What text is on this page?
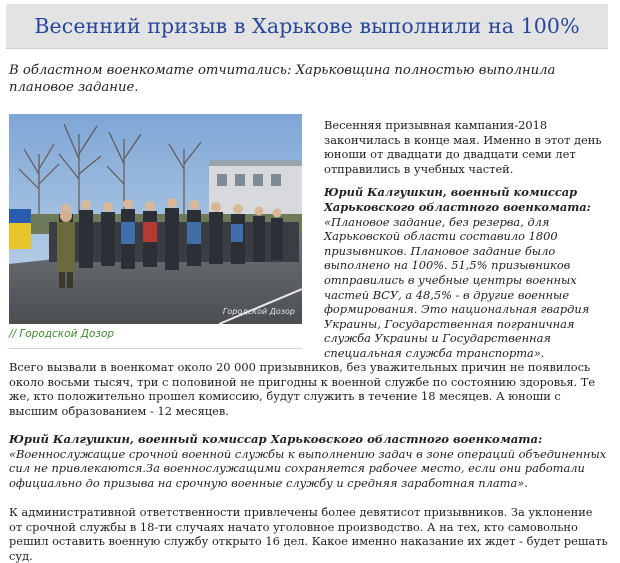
Весенний призыв в Харькове выполнили на 100%

В областном военкомате отчитались: Харьковщина полностью выполнила плановое задание.

Городской Дозор
// Городской Дозор

Весенняя призывная кампания-2018 закончилась в конце мая. Именно в этот день юноши от двадцати до двадцати семи лет отправились в учебных частей.

Юрий Калгушкин, военный комиссар Харьковского областного военкомата:

«Плановое задание, без резерва, для Харьковской области составило 1800 призывников. Плановое задание было выполнено на 100%. 51,5% призывников отправились в учебные центры военных частей ВСУ, а 48,5% - в другие военные формирования. Это национальная гвардия Украины, Государственная пограничная служба Украины и Государственная специальная служба транспорта».

Всего вызвали в военкомат около 20 000 призывников, без уважительных причин не появилось около восьми тысяч, три с половиной не пригодны к военной службе по состоянию здоровья. Те же, кто положительно прошел комиссию, будут служить в течение 18 месяцев. А юноши с высшим образованием - 12 месяцев.

Юрий Калгушкин, военный комиссар Харьковского областного военкомата:
«Военнослужащие срочной военной службы к выполнению задач в зоне операций объединенных сил не привлекаются.За военнослужащими сохраняется рабочее место, если они работали официально до призыва на срочную военные службу и средняя заработная плата».

К административной ответственности привлечены более девятисот призывников. За уклонение от срочной службы в 18-ти случаях начато уголовное производство. А на тех, кто самовольно решил оставить военную службу открыто 16 дел. Какое именно наказание их ждет - будет решать суд.
